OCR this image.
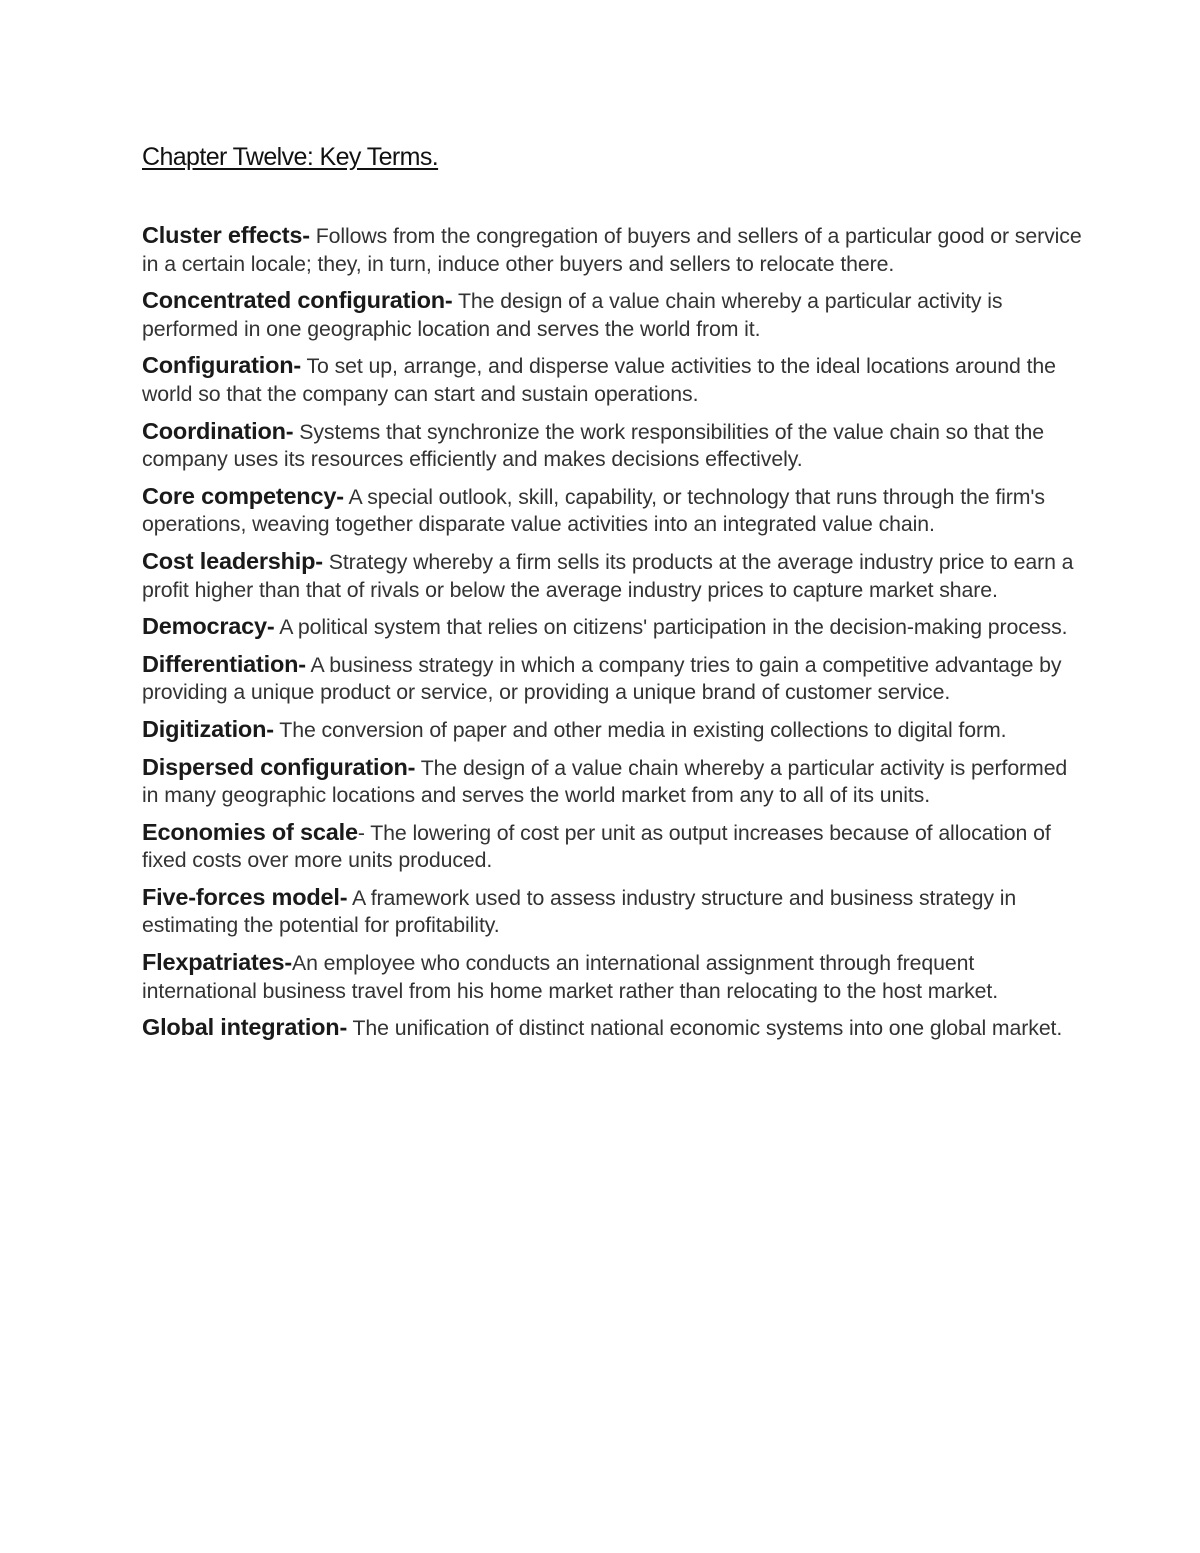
Chapter Twelve: Key Terms.

Cluster effects- Follows from the congregation of buyers and sellers of a particular good or service in a certain locale; they, in turn, induce other buyers and sellers to relocate there.

Concentrated configuration- The design of a value chain whereby a particular activity is performed in one geographic location and serves the world from it.

Configuration- To set up, arrange, and disperse value activities to the ideal locations around the world so that the company can start and sustain operations.

Coordination- Systems that synchronize the work responsibilities of the value chain so that the company uses its resources efficiently and makes decisions effectively.

Core competency- A special outlook, skill, capability, or technology that runs through the firm's operations, weaving together disparate value activities into an integrated value chain.

Cost leadership- Strategy whereby a firm sells its products at the average industry price to earn a profit higher than that of rivals or below the average industry prices to capture market share.

Democracy- A political system that relies on citizens' participation in the decision-making process.

Differentiation- A business strategy in which a company tries to gain a competitive advantage by providing a unique product or service, or providing a unique brand of customer service.

Digitization- The conversion of paper and other media in existing collections to digital form.

Dispersed configuration- The design of a value chain whereby a particular activity is performed in many geographic locations and serves the world market from any to all of its units.

Economies of scale- The lowering of cost per unit as output increases because of allocation of fixed costs over more units produced.

Five-forces model- A framework used to assess industry structure and business strategy in estimating the potential for profitability.

Flexpatriates-An employee who conducts an international assignment through frequent international business travel from his home market rather than relocating to the host market.

Global integration- The unification of distinct national economic systems into one global market.
